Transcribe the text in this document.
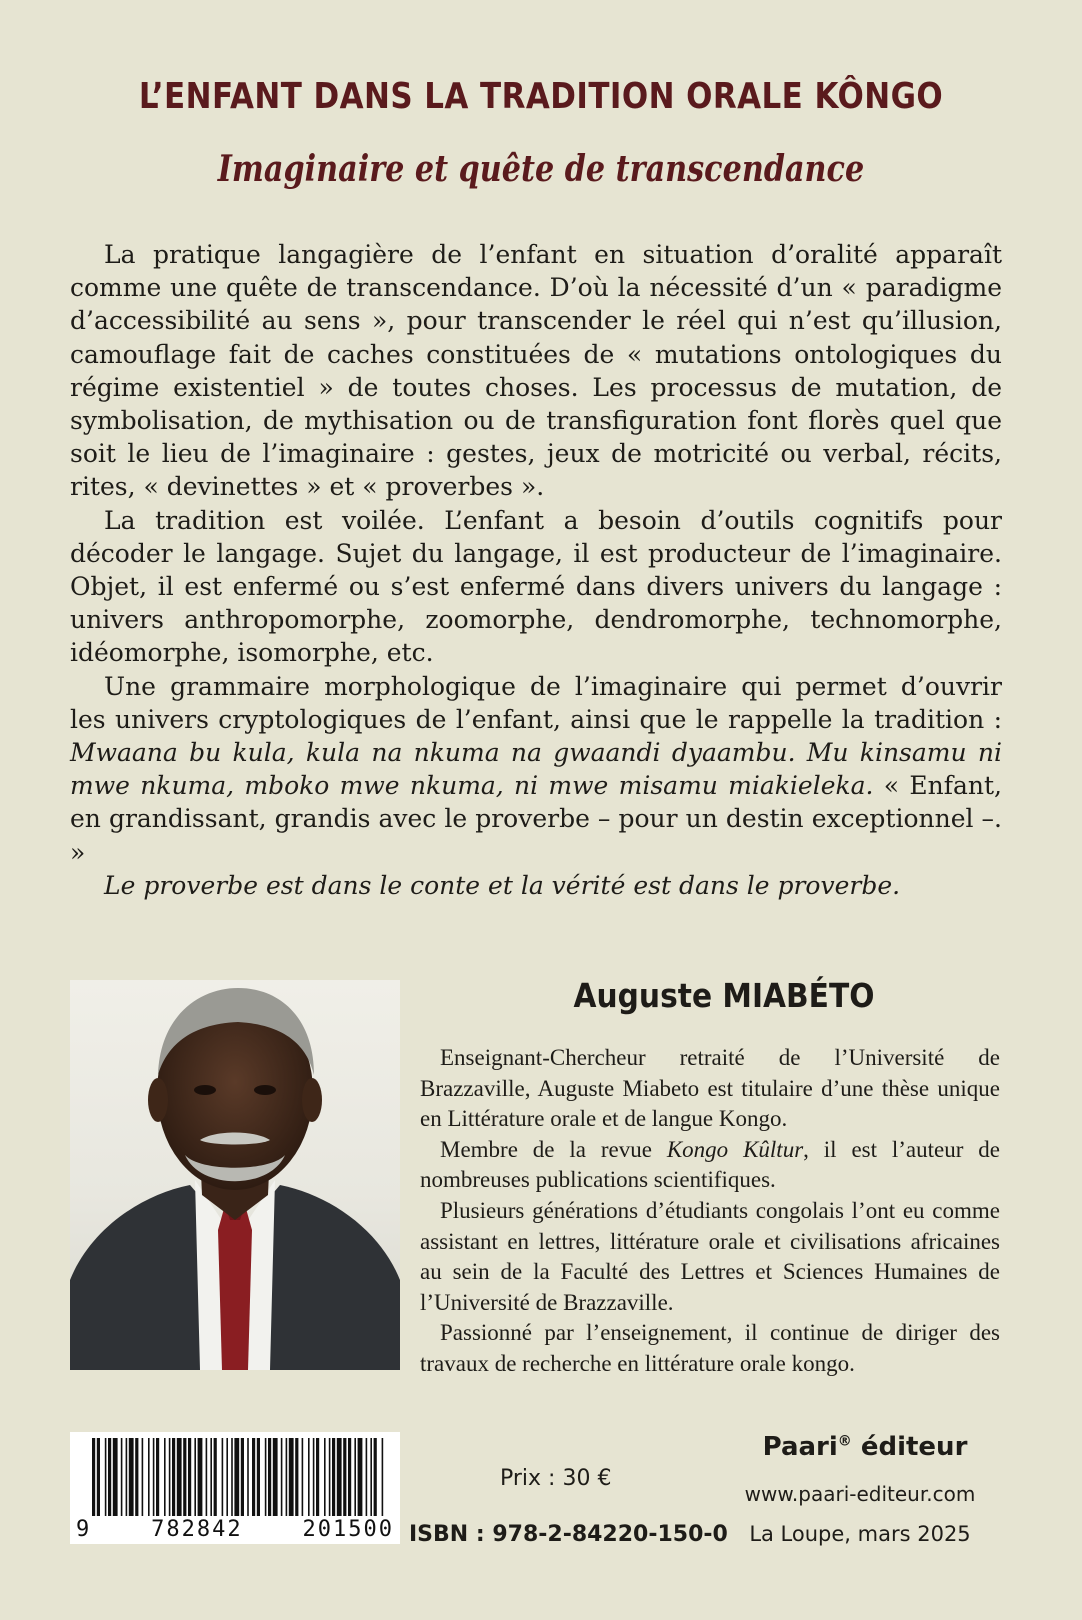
L’ENFANT DANS LA TRADITION ORALE KÔNGO
Imaginaire et quête de transcendance

La pratique langagière de l’enfant en situation d’oralité apparaît comme une quête de transcendance. D’où la nécessité d’un « paradigme d’accessibilité au sens », pour transcender le réel qui n’est qu’illusion, camouflage fait de caches constituées de « mutations ontologiques du régime existentiel » de toutes choses. Les processus de mutation, de symbolisation, de mythisation ou de transfiguration font florès quel que soit le lieu de l’imaginaire : gestes, jeux de motricité ou verbal, récits, rites, « devinettes » et « proverbes ».

La tradition est voilée. L’enfant a besoin d’outils cognitifs pour décoder le langage. Sujet du langage, il est producteur de l’imaginaire. Objet, il est enfermé ou s’est enfermé dans divers univers du langage : univers anthropomorphe, zoomorphe, dendromorphe, technomorphe, idéomorphe, isomorphe, etc.

Une grammaire morphologique de l’imaginaire qui permet d’ouvrir les univers cryptologiques de l’enfant, ainsi que le rappelle la tradition : Mwaana bu kula, kula na nkuma na gwaandi dyaambu. Mu kinsamu ni mwe nkuma, mboko mwe nkuma, ni mwe misamu miakieleka. « Enfant, en grandissant, grandis avec le proverbe – pour un destin exceptionnel –. »

Le proverbe est dans le conte et la vérité est dans le proverbe.

Auguste MIABÉTO

Enseignant-Chercheur retraité de l’Université de Brazzaville, Auguste Miabeto est titulaire d’une thèse unique en Littérature orale et de langue Kongo.

Membre de la revue Kongo Kûltur, il est l’auteur de nombreuses publications scientifiques.

Plusieurs générations d’étudiants congolais l’ont eu comme assistant en lettres, littérature orale et civilisations africaines au sein de la Faculté des Lettres et Sciences Humaines de l’Université de Brazzaville.

Passionné par l’enseignement, il continue de diriger des travaux de recherche en littérature orale kongo.

9	782842	201500
Prix : 30 €
ISBN : 978-2-84220-150-0
Paari® éditeur
www.paari-editeur.com
La Loupe, mars 2025
